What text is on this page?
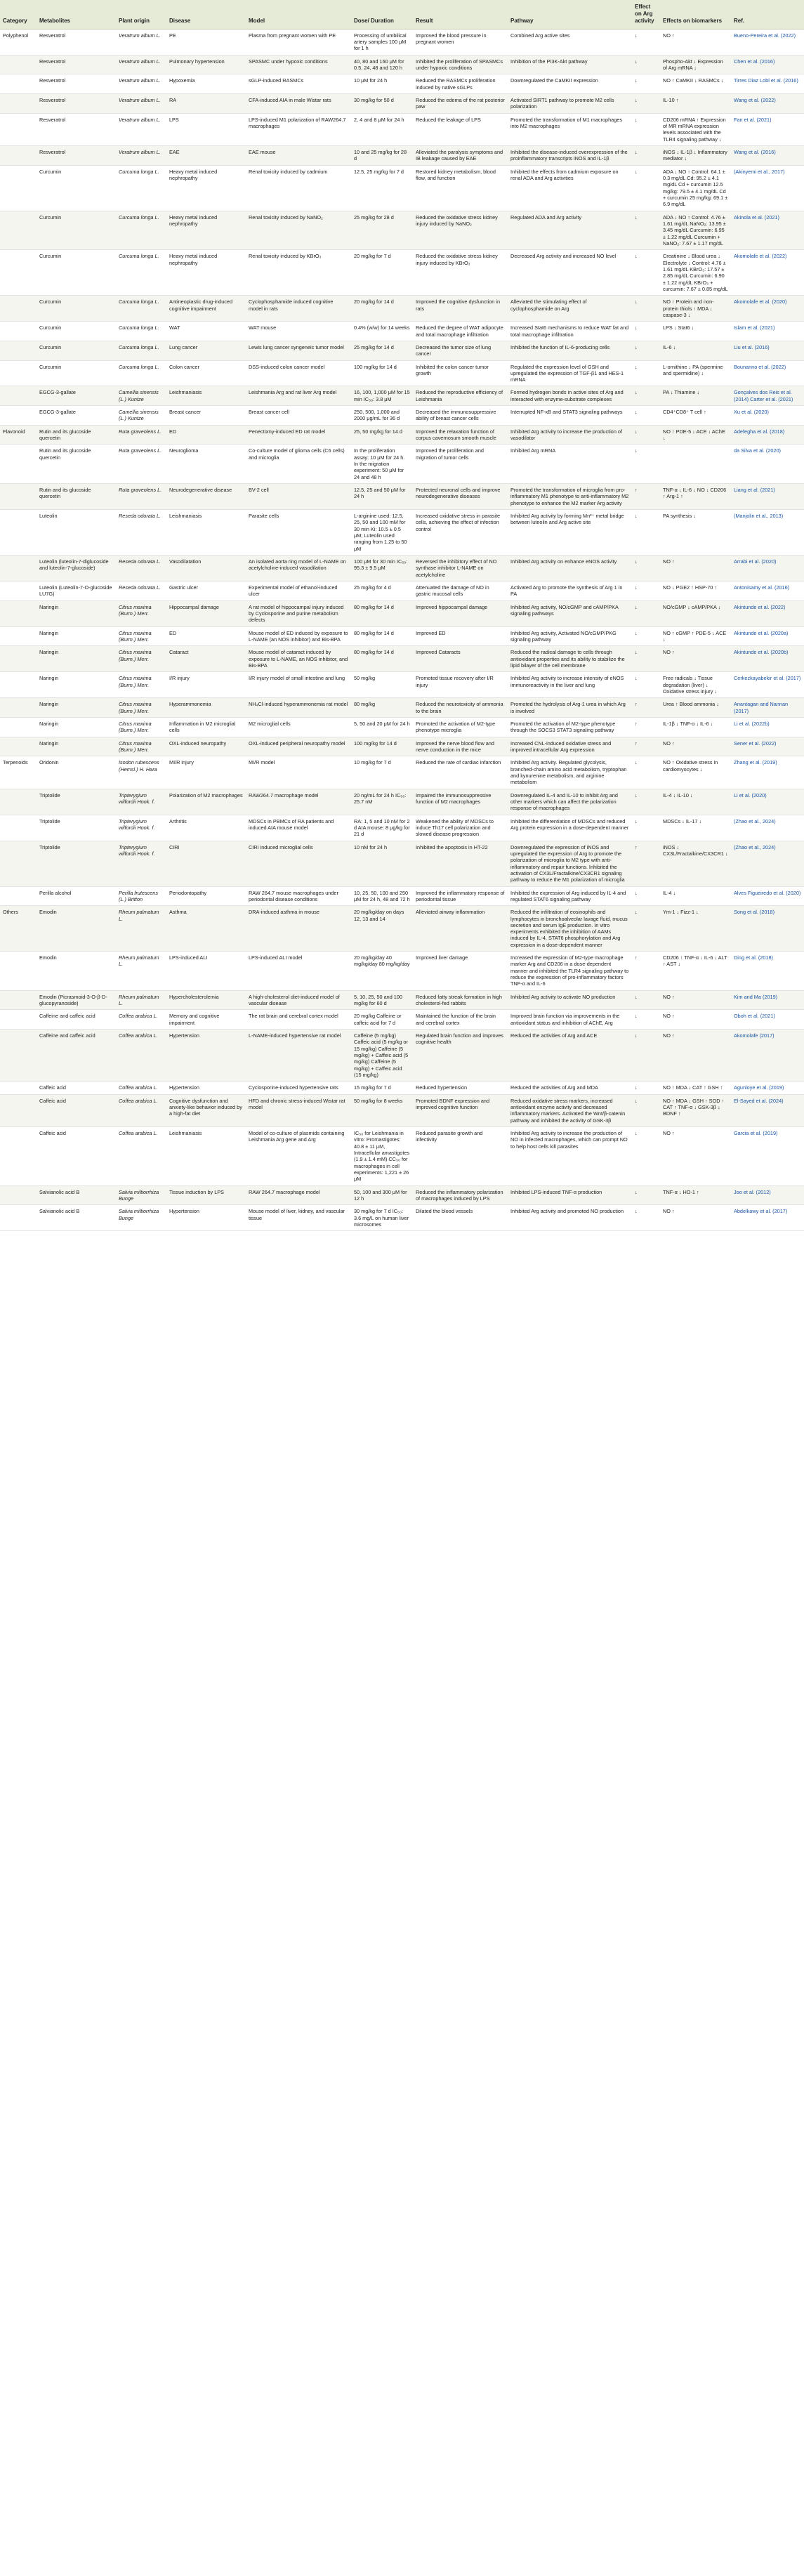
Category	Metabolites	Plant origin	Disease	Model	Dose/ Duration	Result	Pathway	Effect on Arg activity	Effects on biomarkers	Ref.
Polyphenol	Resveratrol	Veratrum album L.	PE	Plasma from pregnant women with PE	Processing of umbilical artery samples 100 μM for 1 h	Improved the blood pressure in pregnant women	Combined Arg active sites	↓	NO ↑	Bueno-Pereira et al. (2022)
	Resveratrol	Veratrum album L.	Pulmonary hypertension	SPASMC under hypoxic conditions	40, 80 and 160 μM for 0.5, 24, 48 and 120 h	Inhibited the proliferation of SPASMCs under hypoxic conditions	Inhibition of the PI3K-Akt pathway	↓	Phospho-Akt ↓ Expression of Arg mRNA ↓	Chen et al. (2016)
	Resveratrol	Veratrum album L.	Hypoxemia	sGLP-induced RASMCs	10 μM for 24 h	Reduced the RASMCs proliferation induced by native sGLPs	Downregulated the CaMKII expression	↓	NO ↑ CaMKII ↓ RASMCs ↓	Tirres Diaz Lobl et al. (2016)
	Resveratrol	Veratrum album L.	RA	CFA-induced AIA in male Wistar rats	30 mg/kg for 50 d	Reduced the edema of the rat posterior paw	Activated SIRT1 pathway to promote M2 cells polarization	↓	IL-10 ↑	Wang et al. (2022)
	Resveratrol	Veratrum album L.	LPS	LPS-induced M1 polarization of RAW264.7 macrophages	2, 4 and 8 μM for 24 h	Reduced the leakage of LPS	Promoted the transformation of M1 macrophages into M2 macrophages	↓	CD206 mRNA ↑ Expression of MR mRNA expression levels associated with the TLR4 signaling pathway ↓	Fan et al. (2021)
	Resveratrol	Veratrum album L.	EAE	EAE mouse	10 and 25 mg/kg for 28 d	Alleviated the paralysis symptoms and IB leakage caused by EAE	Inhibited the disease-induced overexpression of the proinflammatory transcripts iNOS and IL-1β	↓	iNOS ↓ IL-1β ↓ Inflammatory mediator ↓	Wang et al. (2016)
	Curcumin	Curcuma longa L.	Heavy metal induced nephropathy	Renal toxicity induced by cadmium	12.5, 25 mg/kg for 7 d	Restored kidney metabolism, blood flow, and function	Inhibited the effects from cadmium exposure on renal ADA and Arg activities	↓	ADA ↓ NO ↑ Control: 64.1 ± 0.3 mg/dL Cd: 95.2 ± 4.1 mg/dL Cd + curcumin 12.5 mg/kg: 79.5 ± 4.1 mg/dL Cd + curcumin 25 mg/kg: 69.1 ± 6.9 mg/dL	(Akinyemi et al., 2017)
	Curcumin	Curcuma longa L.	Heavy metal induced nephropathy	Renal toxicity induced by NaNO₂	25 mg/kg for 28 d	Reduced the oxidative stress kidney injury induced by NaNO₂	Regulated ADA and Arg activity	↓	ADA ↓ NO ↑ Control: 4.76 ± 1.61 mg/dL NaNO₂: 13.95 ± 3.45 mg/dL Curcumin: 6.95 ± 1.22 mg/dL Curcumin + NaNO₂: 7.67 ± 1.17 mg/dL	Akinola et al. (2021)
	Curcumin	Curcuma longa L.	Heavy metal induced nephropathy	Renal toxicity induced by KBrO₃	20 mg/kg for 7 d	Reduced the oxidative stress kidney injury induced by KBrO₃	Decreased Arg activity and increased NO level	↓	Creatinine ↓ Blood urea ↓ Electrolyte ↓ Control: 4.76 ± 1.61 mg/dL KBrO₃: 17.57 ± 2.85 mg/dL Curcumin: 6.90 ± 1.22 mg/dL KBrO₃ + curcumin: 7.67 ± 0.85 mg/dL	Akomolafe et al. (2022)
	Curcumin	Curcuma longa L.	Antineoplastic drug-induced cognitive impairment	Cyclophosphamide induced cognitive model in rats	20 mg/kg for 14 d	Improved the cognitive dysfunction in rats	Alleviated the stimulating effect of cyclophosphamide on Arg	↓	NO ↑ Protein and non-protein thiols ↑ MDA ↓ caspase-3 ↓	Akomolafe et al. (2020)
	Curcumin	Curcuma longa L.	WAT	WAT mouse	0.4% (w/w) for 14 weeks	Reduced the degree of WAT adipocyte and total macrophage infiltration	Increased Stat6 mechanisms to reduce WAT fat and total macrophage infiltration	↓	LPS ↓ Stat6 ↓	Islam et al. (2021)
	Curcumin	Curcuma longa L.	Lung cancer	Lewis lung cancer syngeneic tumor model	25 mg/kg for 14 d	Decreased the tumor size of lung cancer	Inhibited the function of IL-6-producing cells	↓	IL-6 ↓	Liu et al. (2016)
	Curcumin	Curcuma longa L.	Colon cancer	DSS-induced colon cancer model	100 mg/kg for 14 d	Inhibited the colon cancer tumor growth	Regulated the expression level of GSH and upregulated the expression of TGF-β1 and HES-1 mRNA	↓	L-ornithine ↓ PA (spermine and spermidine) ↓	Bounanno et al. (2022)
	EGCG-3-gallate	Camellia sinensis (L.) Kuntze	Leishmaniasis	Leishmania Arg and rat liver Arg model	16, 100, 1,000 μM for 15 min IC₅₀: 3.8 μM	Reduced the reproductive efficiency of Leishmania	Formed hydrogen bonds in active sites of Arg and interacted with enzyme-substrate complexes	↓	PA ↓ Thiamine ↓	Gonçalves dos Reis et al. (2014) Carter et al. (2021)
	EGCG-3-gallate	Camellia sinensis (L.) Kuntze	Breast cancer	Breast cancer cell	250, 500, 1,000 and 2000 μg/mL for 36 d	Decreased the immunosuppressive ability of breast cancer cells	Interrupted NF-κB and STAT3 signaling pathways	↓	CD4⁺CD8⁺ T cell ↑	Xu et al. (2020)
Flavonoid	Rutin and its glucoside quercetin	Ruta graveolens L.	ED	Penectomy-induced ED rat model	25, 50 mg/kg for 14 d	Improved the relaxation function of corpus cavernosum smooth muscle	Inhibited Arg activity to increase the production of vasodilator	↓	NO ↑ PDE-5 ↓ ACE ↓ AChE ↓	Adefegha et al. (2018)
	Rutin and its glucoside quercetin	Ruta graveolens L.	Neuroglioma	Co-culture model of glioma cells (C6 cells) and microglia	In the proliferation assay: 10 μM for 24 h. In the migration experiment: 50 μM for 24 and 48 h	Improved the proliferation and migration of tumor cells	Inhibited Arg mRNA	↓		da Silva et al. (2020)
	Rutin and its glucoside quercetin	Ruta graveolens L.	Neurodegenerative disease	BV-2 cell	12.5, 25 and 50 μM for 24 h	Protected neuronal cells and improve neurodegenerative diseases	Promoted the transformation of microglia from pro-inflammatory M1 phenotype to anti-inflammatory M2 phenotype to enhance the M2 marker Arg activity	↑	TNF-α ↓ IL-6 ↓ NO ↓ CD206 ↑ Arg-1 ↑	Liang et al. (2021)
	Luteolin	Reseda odorata L.	Leishmaniasis	Parasite cells	L-arginine used: 12.5, 25, 50 and 100 mM for 30 min Ki: 10.5 ± 0.5 μM; Luteolin used ranging from 1.25 to 50 μM	Increased oxidative stress in parasite cells, achieving the effect of infection control	Inhibited Arg activity by forming Mn²⁺ metal bridge between luteolin and Arg active site	↓	PA synthesis ↓	(Manjolin et al., 2013)
	Luteolin (luteolin-7-diglucoside and luteolin-7-glucoside)	Reseda odorata L.	Vasodilatation	An isolated aorta ring model of L-NAME on acetylcholine-induced vasodilation	100 μM for 30 min IC₅₀: 95.3 ± 9.5 μM	Reversed the inhibitory effect of NO synthase inhibitor L-NAME on acetylcholine	Inhibited Arg activity on enhance eNOS activity	↓	NO ↑	Arrabi et al. (2020)
	Luteolin (Luteolin-7-O-glucoside LU7G)	Reseda odorata L.	Gastric ulcer	Experimental model of ethanol-induced ulcer	25 mg/kg for 4 d	Attenuated the damage of NO in gastric mucosal cells	Activated Arg to promote the synthesis of Arg 1 in PA	↓	NO ↓ PGE2 ↑ HSP-70 ↑	Antonisamy et al. (2016)
	Naringin	Citrus maxima (Burm.) Merr.	Hippocampal damage	A rat model of hippocampal injury induced by Cyclosporine and purine metabolism defects	80 mg/kg for 14 d	Improved hippocampal damage	Inhibited Arg activity, NO/cGMP and cAMP/PKA signaling pathways	↓	NO/cGMP ↓ cAMP/PKA ↓	Akintunde et al. (2022)
	Naringin	Citrus maxima (Burm.) Merr.	ED	Mouse model of ED induced by exposure to L-NAME (an NOS inhibitor) and Bis-BPA	80 mg/kg for 14 d	Improved ED	Inhibited Arg activity, Activated NO/cGMP/PKG signaling pathway	↓	NO ↑ cGMP ↑ PDE-5 ↓ ACE ↓	Akintunde et al. (2020a)
	Naringin	Citrus maxima (Burm.) Merr.	Cataract	Mouse model of cataract induced by exposure to L-NAME, an NOS inhibitor, and Bis-BPA	80 mg/kg for 14 d	Improved Cataracts	Reduced the radical damage to cells through antioxidant properties and its ability to stabilize the lipid bilayer of the cell membrane	↓	NO ↑	Akintunde et al. (2020b)
	Naringin	Citrus maxima (Burm.) Merr.	I/R injury	I/R injury model of small intestine and lung	50 mg/kg	Promoted tissue recovery after I/R injury	Inhibited Arg activity to increase intensity of eNOS immunoreactivity in the liver and lung	↓	Free radicals ↓ Tissue degradation (liver) ↓ Oxidative stress injury ↓	Cerkezkayabekir et al. (2017)
	Naringin	Citrus maxima (Burm.) Merr.	Hyperammonemia	NH₄Cl-induced hyperammonemia rat model	80 mg/kg	Reduced the neurotoxicity of ammonia to the brain	Promoted the hydrolysis of Arg-1 urea in which Arg is involved	↑	Urea ↑ Blood ammonia ↓	Anantagan and Nannan (2017)
	Naringin	Citrus maxima (Burm.) Merr.	Inflammation in M2 microglial cells	M2 microglial cells	5, 50 and 20 μM for 24 h	Promoted the activation of M2-type phenotype microglia	Promoted the activation of M2-type phenotype through the SOCS3 STAT3 signaling pathway	↑	IL-1β ↓ TNF-α ↓ IL-6 ↓	Li et al. (2022b)
	Naringin	Citrus maxima (Burm.) Merr.	OXL-induced neuropathy	OXL-induced peripheral neuropathy model	100 mg/kg for 14 d	Improved the nerve blood flow and nerve conduction in the mice	Increased CNL-induced oxidative stress and improved intracellular Arg expression	↑	NO ↑	Sener et al. (2022)
Terpenoids	Oridonin	Isodon rubescens (Hemsl.) H. Hara	MI/R injury	MI/R model	10 mg/kg for 7 d	Reduced the rate of cardiac infarction	Inhibited Arg activity. Regulated glycolysis, branched-chain amino acid metabolism, tryptophan and kynurenine metabolism, and arginine metabolism	↓	NO ↑ Oxidative stress in cardiomyocytes ↓	Zhang et al. (2019)
	Triptolide	Tripterygium wilfordii Hook. f.	Polarization of M2 macrophages	RAW264.7 macrophage model	20 ng/mL for 24 h IC₅₀: 25.7 nM	Impaired the immunosuppressive function of M2 macrophages	Downregulated IL-4 and IL-10 to inhibit Arg and other markers which can affect the polarization response of macrophages	↓	IL-4 ↓ IL-10 ↓	Li et al. (2020)
	Triptolide	Tripterygium wilfordii Hook. f.	Arthritis	MDSCs in PBMCs of RA patients and induced AIA mouse model	RA: 1, 5 and 10 nM for 2 d AIA mouse: 8 μg/kg for 21 d	Weakened the ability of MDSCs to induce Th17 cell polarization and slowed disease progression	Inhibited the differentiation of MDSCs and reduced Arg protein expression in a dose-dependent manner	↓	MDSCs ↓ IL-17 ↓	(Zhao et al., 2024)
	Triptolide	Tripterygium wilfordii Hook. f.	CIRI	CIRI induced microglial cells	10 nM for 24 h	Inhibited the apoptosis in HT-22	Downregulated the expression of iNOS and upregulated the expression of Arg to promote the polarization of microglia to M2 type with anti-inflammatory and repair functions. Inhibited the activation of CX3L/Fractalkine/CX3CR1 signaling pathway to reduce the M1 polarization of microglia	↑	iNOS ↓ CX3L/Fractalkine/CX3CR1 ↓	(Zhao et al., 2024)
	Perilla alcohol	Perilla frutescens (L.) Britton	Periodontopathy	RAW 264.7 mouse macrophages under periodontal disease conditions	10, 25, 50, 100 and 250 μM for 24 h, 48 and 72 h	Improved the inflammatory response of periodontal tissue	Inhibited the expression of Arg induced by IL-4 and regulated STAT6 signaling pathway	↓	IL-4 ↓	Alves Figueiredo et al. (2020)
Others	Emodin	Rheum palmatum L.	Asthma	DRA-induced asthma in mouse	20 mg/kg/day on days 12, 13 and 14	Alleviated airway inflammation	Reduced the infiltration of eosinophils and lymphocytes in bronchoalveolar lavage fluid, mucus secretion and serum IgE production. In vitro experiments exhibited the inhibition of AAMs induced by IL-4, STAT6 phosphorylation and Arg expression in a dose-dependent manner	↓	Ym-1 ↓ Fizz-1 ↓	Song et al. (2018)
	Emodin	Rheum palmatum L.	LPS-induced ALI	LPS-induced ALI model	20 mg/kg/day 40 mg/kg/day 80 mg/kg/day	Improved liver damage	Increased the expression of M2-type macrophage marker Arg and CD206 in a dose-dependent manner and inhibited the TLR4 signaling pathway to reduce the expression of pro-inflammatory factors TNF-α and IL-6	↑	CD206 ↑ TNF-α ↓ IL-6 ↓ ALT ↑ AST ↓	Ding et al. (2018)
	Emodin (Picrasmoid-3-O-β-D-glucopyranoside)	Rheum palmatum L.	Hypercholesterolemia	A high-cholesterol diet-induced model of vascular disease	5, 10, 25, 50 and 100 mg/kg for 60 d	Reduced fatty streak formation in high cholesterol-fed rabbits	Inhibited Arg activity to activate NO production	↓	NO ↑	Kim and Ma (2019)
	Caffeine and caffeic acid	Coffea arabica L.	Memory and cognitive impairment	The rat brain and cerebral cortex model	20 mg/kg Caffeine or caffeic acid for 7 d	Maintained the function of the brain and cerebral cortex	Improved brain function via improvements in the antioxidant status and inhibition of AChE, Arg	↓	NO ↑	Oboh et al. (2021)
	Caffeine and caffeic acid	Coffea arabica L.	Hypertension	L-NAME-induced hypertensive rat model	Caffeine (5 mg/kg) Caffeic acid (5 mg/kg or 15 mg/kg) Caffeine (5 mg/kg) + Caffeic acid (5 mg/kg) Caffeine (5 mg/kg) + Caffeic acid (15 mg/kg)	Regulated brain function and improves cognitive health	Reduced the activities of Arg and ACE	↓	NO ↑	Akomolafe (2017)
	Caffeic acid	Coffea arabica L.	Hypertension	Cyclosporine-induced hypertensive rats	15 mg/kg for 7 d	Reduced hypertension	Reduced the activities of Arg and MDA	↓	NO ↑ MDA ↓ CAT ↑ GSH ↑	Agunloye et al. (2019)
	Caffeic acid	Coffea arabica L.	Cognitive dysfunction and anxiety-like behavior induced by a high-fat diet	HFD and chronic stress-induced Wistar rat model	50 mg/kg for 8 weeks	Promoted BDNF expression and improved cognitive function	Reduced oxidative stress markers, increased antioxidant enzyme activity and decreased inflammatory markers. Activated the Wnt/β-catenin pathway and inhibited the activity of GSK-3β	↓	NO ↑ MDA ↓ GSH ↑ SOD ↑ CAT ↑ TNF-α ↓ GSK-3β ↓ BDNF ↑	El-Sayed et al. (2024)
	Caffeic acid	Coffea arabica L.	Leishmaniasis	Model of co-culture of plasmids containing Leishmania Arg gene and Arg	IC₅₀ for Leishmania in vitro: Promastigotes: 40.8 ± 11 μM, Intracellular amastigotes (1.9 ± 1.4 mM) CC₅₀ for macrophages in cell experiments: 1,221 ± 26 μM	Reduced parasite growth and infectivity	Inhibited Arg activity to increase the production of NO in infected macrophages, which can prompt NO to help host cells kill parasites	↓	NO ↑	Garcia et al. (2019)
	Salvianolic acid B	Salvia miltiorrhiza Bunge	Tissue induction by LPS	RAW 264.7 macrophage model	50, 100 and 300 μM for 12 h	Reduced the inflammatory polarization of macrophages induced by LPS	Inhibited LPS-induced TNF-α production	↓	TNF-α ↓ HO-1 ↑	Joo et al. (2012)
	Salvianolic acid B	Salvia miltiorrhiza Bunge	Hypertension	Mouse model of liver, kidney, and vascular tissue	30 mg/kg for 7 d IC₅₀: 3.6 mg/L on human liver microsomes	Dilated the blood vessels	Inhibited Arg activity and promoted NO production	↓	NO ↑	Abdelkawy et al. (2017)
